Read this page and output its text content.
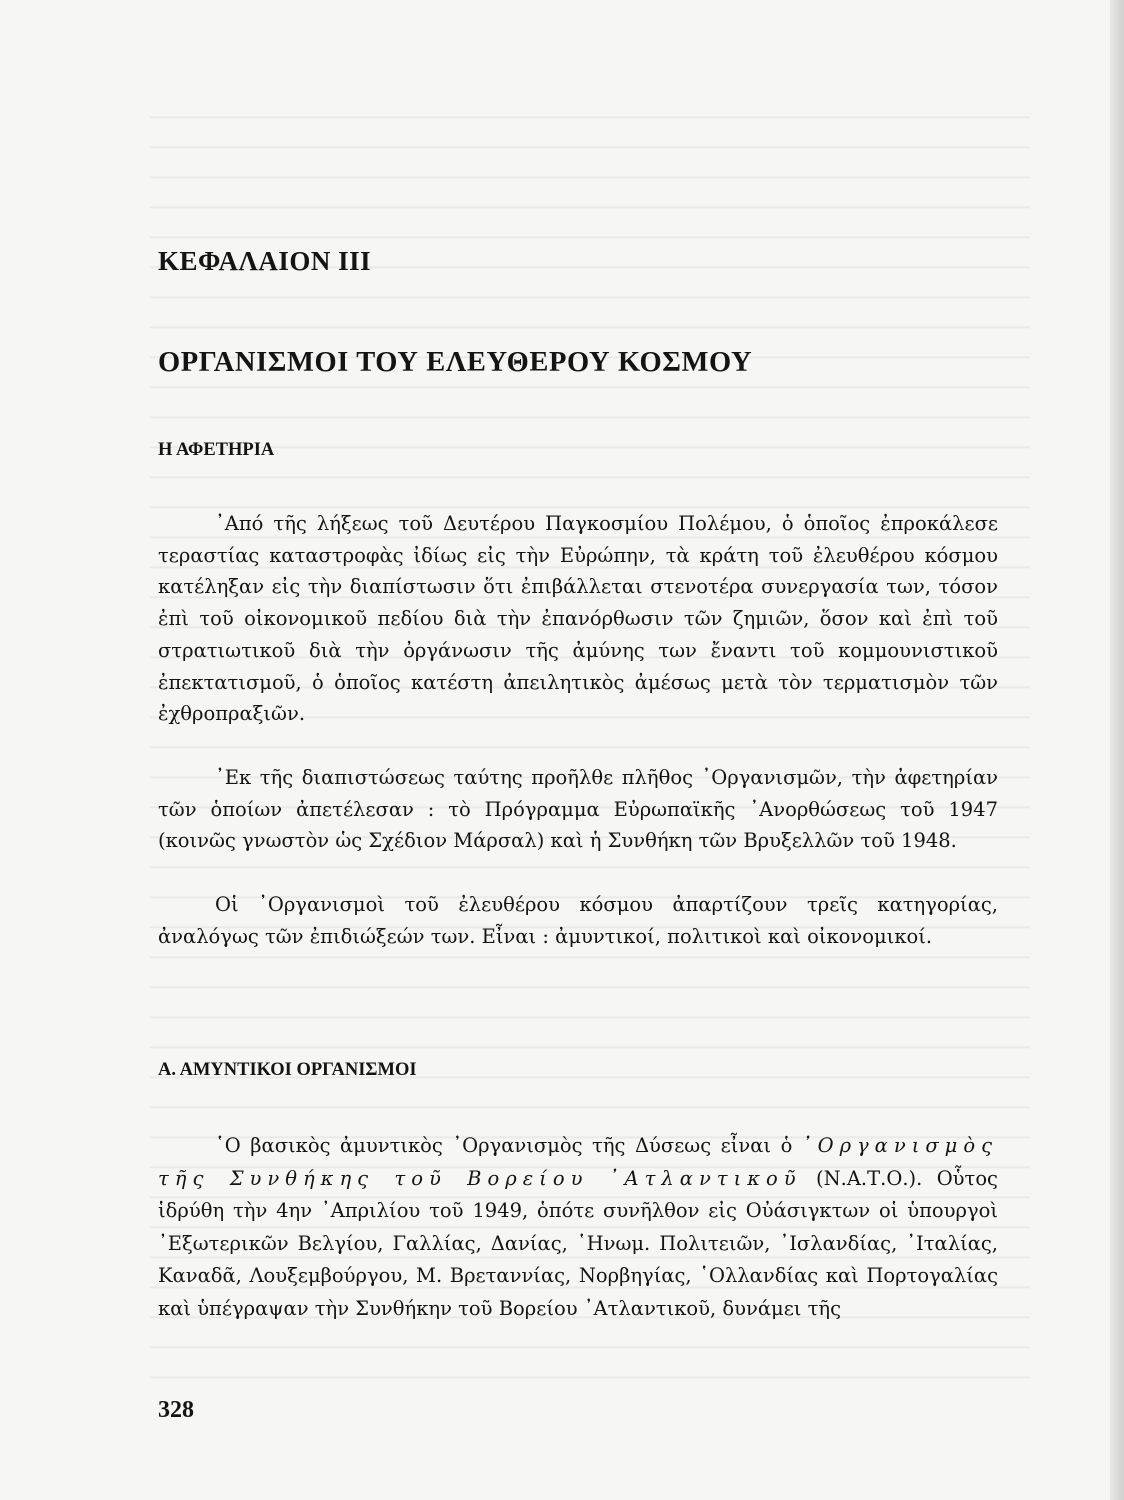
ΚΕΦΑΛΑΙΟΝ ΙΙΙ
ΟΡΓΑΝΙΣΜΟΙ ΤΟΥ ΕΛΕΥΘΕΡΟΥ ΚΟΣΜΟΥ
Η ΑΦΕΤΗΡΙΑ

᾿Από τῆς λήξεως τοῦ Δευτέρου Παγκοσμίου Πολέμου, ὁ ὁποῖος ἐπροκάλεσε τεραστίας καταστροφὰς ἰδίως εἰς τὴν Εὐρώπην, τὰ κράτη τοῦ ἐλευθέρου κόσμου κατέληξαν εἰς τὴν διαπίστωσιν ὅτι ἐπιβάλλεται στενοτέρα συνεργασία των, τόσον ἐπὶ τοῦ οἰκονομικοῦ πεδίου διὰ τὴν ἐπανόρθωσιν τῶν ζημιῶν, ὅσον καὶ ἐπὶ τοῦ στρατιωτικοῦ διὰ τὴν ὀργάνωσιν τῆς ἀμύνης των ἔναντι τοῦ κομμουνιστικοῦ ἐπεκτατισμοῦ, ὁ ὁποῖος κατέστη ἀπειλητικὸς ἀμέσως μετὰ τὸν τερματισμὸν τῶν ἐχθροπραξιῶν.

᾿Εκ τῆς διαπιστώσεως ταύτης προῆλθε πλῆθος ᾿Οργανισμῶν, τὴν ἀφετηρίαν τῶν ὁποίων ἀπετέλεσαν : τὸ Πρόγραμμα Εὐρωπαϊκῆς ᾿Ανορθώσεως τοῦ 1947 (κοινῶς γνωστὸν ὡς Σχέδιον Μάρσαλ) καὶ ἡ Συνθήκη τῶν Βρυξελλῶν τοῦ 1948.

Οἱ ᾿Οργανισμοὶ τοῦ ἐλευθέρου κόσμου ἀπαρτίζουν τρεῖς κατηγορίας, ἀναλόγως τῶν ἐπιδιώξεών των. Εἶναι : ἀμυντικοί, πολιτικοὶ καὶ οἰκονομικοί.

Α. ΑΜΥΝΤΙΚΟΙ ΟΡΓΑΝΙΣΜΟΙ

῾Ο βασικὸς ἀμυντικὸς ᾿Οργανισμὸς τῆς Δύσεως εἶναι ὁ ᾿Οργανισμὸς τῆς Συνθήκης τοῦ Βορείου ᾿Ατλαντικοῦ (Ν.Α.Τ.Ο.). Οὗτος ἱδρύθη τὴν 4ην ᾿Απριλίου τοῦ 1949, ὁπότε συνῆλθον εἰς Οὐάσιγκτων οἱ ὑπουργοὶ ᾿Εξωτερικῶν Βελγίου, Γαλλίας, Δανίας, ῾Ηνωμ. Πολιτειῶν, ᾿Ισλανδίας, ᾿Ιταλίας, Καναδᾶ, Λουξεμβούργου, Μ. Βρεταννίας, Νορβηγίας, ῾Ολλανδίας καὶ Πορτογαλίας καὶ ὑπέγραψαν τὴν Συνθήκην τοῦ Βορείου ᾿Ατλαντικοῦ, δυνάμει τῆς

328
